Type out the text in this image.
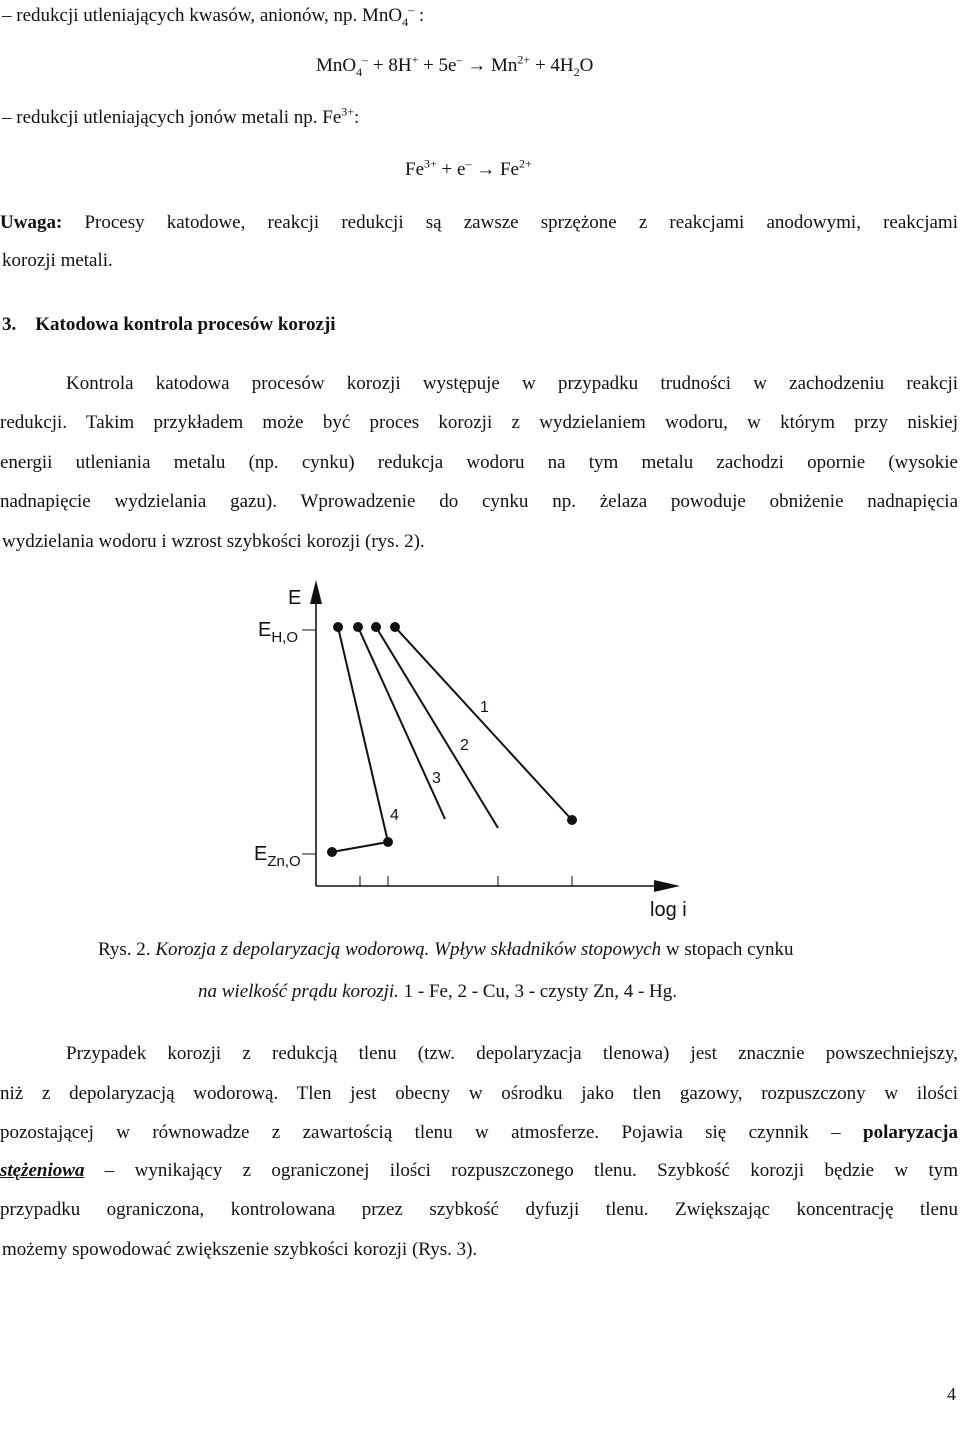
– redukcji utleniających kwasów, anionów, np. MnO$_4$– :
$MnO_4^- + 8H^+ + 5e^- \to Mn^{2+} + 4H_2O$
– redukcji utleniających jonów metali np. $Fe^{3+}$:
$Fe^{3+} + e^- \to Fe^{2+}$
Uwaga: Procesy katodowe, reakcji redukcji są zawsze sprzężone z reakcjami anodowymi, reakcjami
korozji metali.
3. Katodowa kontrola procesów korozji
Kontrola katodowa procesów korozji występuje w przypadku trudności w zachodzeniu reakcji
redukcji. Takim przykładem może być proces korozji z wydzielaniem wodoru, w którym przy niskiej
energii utleniania metalu (np. cynku) redukcja wodoru na tym metalu zachodzi opornie (wysokie
nadnapięcie wydzielania gazu). Wprowadzenie do cynku np. żelaza powoduje obniżenie nadnapięcia
wydzielania wodoru i wzrost szybkości korozji (rys. 2).
E
$E_{H,O}$
$E_{Zn,O}$
log i
1
2
3
4
Rys. 2. Korozja z depolaryzacją wodorową. Wpływ składników stopowych w stopach cynku
na wielkość prądu korozji. 1 - Fe, 2 - Cu, 3 - czysty Zn, 4 - Hg.
Przypadek korozji z redukcją tlenu (tzw. depolaryzacja tlenowa) jest znacznie powszechniejszy,
niż z depolaryzacją wodorową. Tlen jest obecny w ośrodku jako tlen gazowy, rozpuszczony w ilości
pozostającej w równowadze z zawartością tlenu w atmosferze. Pojawia się czynnik – polaryzacja
stężeniowa – wynikający z ograniczonej ilości rozpuszczonego tlenu. Szybkość korozji będzie w tym
przypadku ograniczona, kontrolowana przez szybkość dyfuzji tlenu. Zwiększając koncentrację tlenu
możemy spowodować zwiększenie szybkości korozji (Rys. 3).
4
